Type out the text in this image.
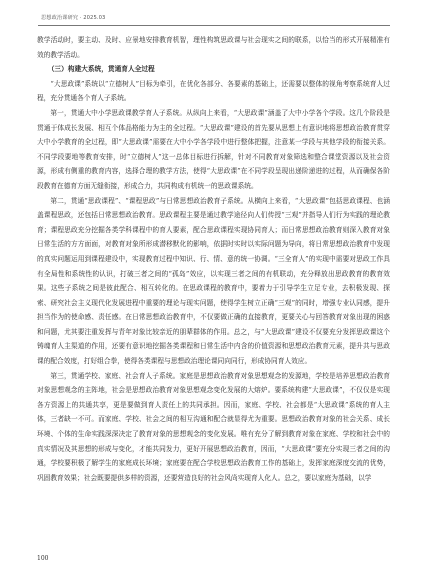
思想政治课研究 · 2025.03

教学活动时，要主动、及时、应景地安排教育机智，理性构筑思政课与社会现实之间的联系，以恰当的形式开展精准有效的教学活动。

（三）构建大系统，贯通育人全过程

“大思政课”系统以“立德树人”目标为牵引，在优化各部分、各要素的基础上，还需要以整体的视角考察系统育人过程，充分贯通各个育人子系统。

第一，贯通大中小学思政课教学育人子系统。从纵向上来看，“大思政课”涵盖了大中小学各个学段。这几个阶段是贯通于体成长发展、相互个体品格能力为主的全过程。“大思政课”建设的首先要从思想上有意识地将思想政治教育贯穿大中小学教育的全过程，即“大思政课”需要在大中小学各学段中进行整体把握，注意某一学段与其他学段的衔接关系。不同学段要地等教育安排，时“立德树人”这一总体目标进行拆解，针对不同教育对象筛选和整合课堂资源以及社会资源，形成有侧重的教育内容，选择合理的教学方法，使得“大思政课”在不同学段呈现出递阶递进的过程，从而确保各阶段教育在德育方面无缝衔接，形成合力，共同构成有机统一的思政课系统。

第二，贯通“思政课程”、“课程思政”与日常思想政治教育子系统。从横向上来看，“大思政课”包括思政课程、也涵盖课程思政，还包括日常思想政治教育。思政课程主要是通过教学途径向人们传授“三观”并指导人们行为实践的理论教育；课程思政充分挖掘各类学科课程中的育人要素，配合思政课程实现协同育人；而日常思想政治教育则深入教育对象日常生活的方方面面，对教育对象所形成潜移默化的影响，依据时实时以实际问题为导向，将日常思想政治教育中发现的真实问题运用到课程建设中，实现教育过程中知识、行、情、意的统一协调。“三全育人”的实现中需要对思政工作具有全局性和系统性的认识，打破三者之间的“孤岛”效应，以实现三者之间的有机联动，充分释放出思政教育的教育效果。这些子系统之间是彼此配合、相互转化的。在思政课程的教育中，要着力于引导学生立足专业，去积极发现、探索、研究社会主义现代化发展进程中重要的理论与现实问题，使得学生树立正确“三观”的同时，增强专业认同感，提升担当作为的使命感、责任感。在日常思想政治教育中，不仅要做正确的直接教育，更要关心与回答教育对象出现的困惑和问题，尤其要注重发挥与青年对象比较亲近的朋辈群体的作用。总之，与“大思政课”建设不仅要充分发挥思政课这个铸魂育人主渠道的作用，还要有意识地挖掘各类课程和日常生活中内含的价值资源和思想政治教育元素，提升共与思政课的配合效度，打好组合拳，使得各类课程与思想政治理论课同向同行，形成协同育人效应。

第三，贯通学校、家庭、社会育人子系统。家庭是思想政治教育对象思想观念的发源地，学校是培养思想政治教育对象思想观念的主阵地，社会是思想政治教育对象思想观念变化发展的大熔炉。要系统构建“大思政课”，不仅仅是实现各方资源上的共通共享，更是要做到育人责任上的共同承担。因而，家庭、学校、社会都是“大思政课”系统的育人主体，三者缺一不可。而家庭、学校、社会之间的相互沟通和配合就显得尤为重要。思想政治教育对象的社会关系、成长环境、个体的生命实践深深决定了教育对象的思想观念的变化发展。唯有充分了解到教育对象在家庭、学校和社会中的真实情况及其思想的形成与变化，才能共同发力，更好开展思想政治教育，因而，“大思政课”要充分实现三者之间的沟通，学校要积极了解学生的家庭成长环境；家庭要在配合学校思想政治教育工作的基础上，发挥家庭深度交流的优势，巩固教育效果；社会既要提供多样的资源，还要营造良好的社会风尚实现育人化人。总之，要以家庭为基础，以学

100
